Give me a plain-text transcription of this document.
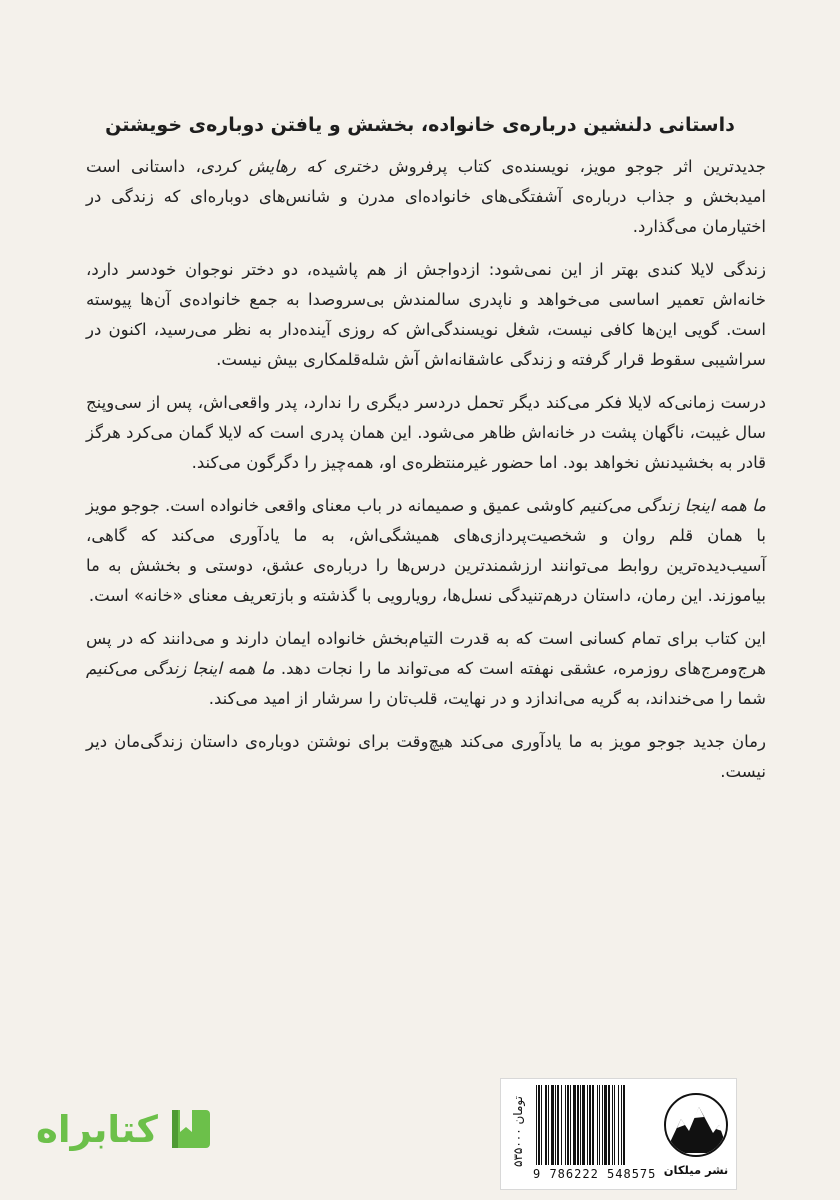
داستانی دلنشین درباره‌ی خانواده، بخشش و یافتن دوباره‌ی خویشتن

جدیدترین اثر جوجو مویز، نویسنده‌ی کتاب پرفروش دختری که رهایش کردی، داستانی است امیدبخش و جذاب درباره‌ی آشفتگی‌های خانواده‌ای مدرن و شانس‌های دوباره‌ای که زندگی در اختیارمان می‌گذارد.

زندگی لایلا کندی بهتر از این نمی‌شود: ازدواجش از هم پاشیده، دو دختر نوجوان خودسر دارد، خانه‌اش تعمیر اساسی می‌خواهد و ناپدری سالمندش بی‌سروصدا به جمع خانواده‌ی آن‌ها پیوسته است. گویی این‌ها کافی نیست، شغل نویسندگی‌اش که روزی آینده‌دار به نظر می‌رسید، اکنون در سراشیبی سقوط قرار گرفته و زندگی عاشقانه‌اش آش شله‌قلمکاری بیش نیست.

درست زمانی‌که لایلا فکر می‌کند دیگر تحمل دردسر دیگری را ندارد، پدر واقعی‌اش، پس از سی‌وپنج سال غیبت، ناگهان پشت در خانه‌اش ظاهر می‌شود. این همان پدری است که لایلا گمان می‌کرد هرگز قادر به بخشیدنش نخواهد بود. اما حضور غیرمنتظره‌ی او، همه‌چیز را دگرگون می‌کند.

ما همه اینجا زندگی می‌کنیم کاوشی عمیق و صمیمانه در باب معنای واقعی خانواده است. جوجو مویز با همان قلم روان و شخصیت‌پردازی‌های همیشگی‌اش، به ما یادآوری می‌کند که گاهی، آسیب‌دیده‌ترین روابط می‌توانند ارزشمندترین درس‌ها را درباره‌ی عشق، دوستی و بخشش به ما بیاموزند. این رمان، داستان درهم‌تنیدگی نسل‌ها، رویارویی با گذشته و بازتعریف معنای «خانه» است.

این کتاب برای تمام کسانی است که به قدرت التیام‌بخش خانواده ایمان دارند و می‌دانند که در پس هرج‌ومرج‌های روزمره، عشقی نهفته است که می‌تواند ما را نجات دهد. ما همه اینجا زندگی می‌کنیم شما را می‌خنداند، به گریه می‌اندازد و در نهایت، قلب‌تان را سرشار از امید می‌کند.

رمان جدید جوجو مویز به ما یادآوری می‌کند هیچ‌وقت برای نوشتن دوباره‌ی داستان زندگی‌مان دیر نیست.

کتابراه	۵۳۵۰۰۰ تومان
9 786222 548575 نشر میلکان
